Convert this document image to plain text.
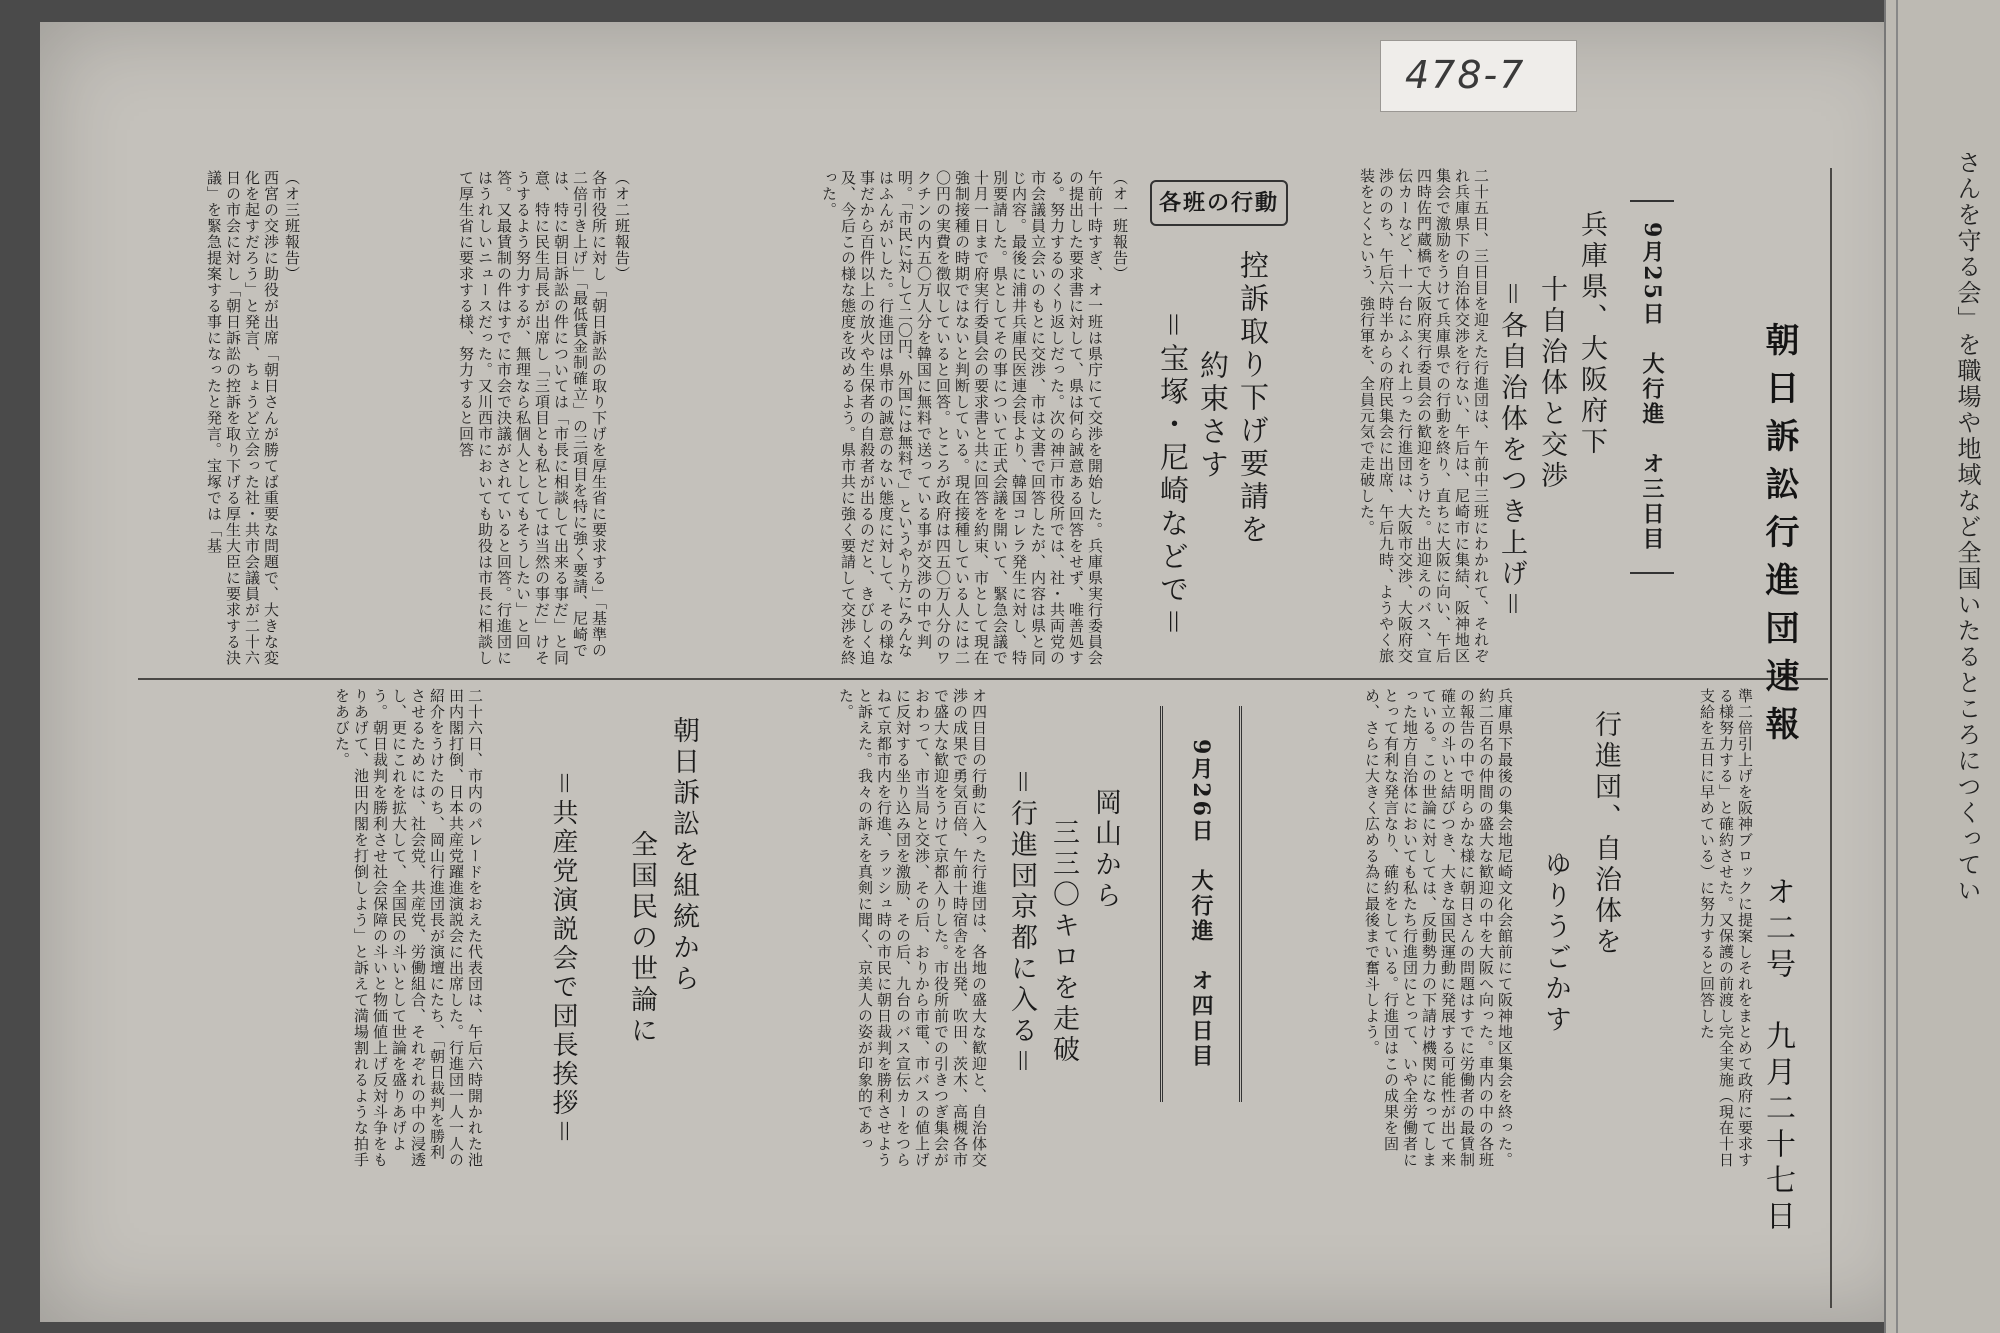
さんを守る会」を職場や地域など全国いたるところにつくってい
478-7
朝日訴訟行進団速報
オ二号　九月二十七日
9月25日　大行進　オ三日目
兵庫県、大阪府下
十自治体と交渉
＝各自治体をつき上げ＝
二十五日、三日目を迎えた行進団は、午前中三班にわかれて、それぞれ兵庫県下の自治体交渉を行ない、午后は、尼崎市に集結、阪神地区集会で激励をうけて兵庫県での行動を終り、直ちに大阪に向い、午后四時佐門蔵橋で大阪府実行委員会の歓迎をうけた。出迎えのバス、宣伝カーなど、十一台にふくれ上った行進団は、大阪市交渉、大阪府交渉ののち、午后六時半からの府民集会に出席、午后九時、ようやく旅装をとくという、強行軍を、全員元気で走破した。
各班の行動
控訴取り下げ要請を
約束さす
＝宝塚・尼崎などで＝
（オ一班報告）
午前十時すぎ、オ一班は県庁にて交渉を開始した。兵庫県実行委員会の提出した要求書に対して、県は何ら誠意ある回答をせず、唯善処する。努力するのくり返しだった。次の神戸市役所では、社・共両党の市会議員立会いのもとに交渉、市は文書で回答したが、内容は県と同じ内容。最後に浦井兵庫民医連会長より、韓国コレラ発生に対し、特別要請した。県としてその事について正式会議を開いて、緊急会議で十月一日まで府実行委員会の要求書と共に回答を約束、市として現在強制接種の時期ではないと判断している。現在接種している人には二〇円の実費を徴収していると回答。ところが政府は四五〇万人分のワクチンの内五〇万人分を韓国に無料で送っている事が交渉の中で判明。「市民に対して二〇円、外国には無料で」というやり方にみんなはふんがいした。行進団は県市の誠意のない態度に対して、その様な事だから百件以上の放火や生保者の自殺者が出るのだと、きびしく追及、今后この様な態度を改めるよう。県市共に強く要請して交渉を終った。
（オ二班報告）
各市役所に対し「朝日訴訟の取り下げを厚生省に要求する」「基準の二倍引き上げ」「最低賃金制確立」の三項目を特に強く要請、尼崎では、特に朝日訴訟の件については「市長に相談して出来る事だ」と同意、特に民生局長が出席し「三項目とも私としては当然の事だ」けそうするよう努力するが、無理なら私個人としてもそうしたい」と回答。又最賃制の件はすでに市会で決議がされていると回答。行進団にはうれしいニュースだった。又川西市においても助役は市長に相談して厚生省に要求する様、努力すると回答
（オ三班報告）
西宮の交渉に助役が出席「朝日さんが勝てば重要な問題で、大きな変化を起すだろう」と発言、ちょうど立会った社・共市会議員が二十六日の市会に対し「朝日訴訟の控訴を取り下げる厚生大臣に要求する決議」を緊急提案する事になったと発言。宝塚では「基
準二倍引上げを阪神ブロックに提案しそれをまとめて政府に要求する様努力する」と確約させた。又保護の前渡し完全実施（現在十日支給を五日に早めている）に努力すると回答した
行進団、自治体を
ゆりうごかす
兵庫県下最後の集会地尼崎文化会館前にて阪神地区集会を終った。約二百名の仲間の盛大な歓迎の中を大阪へ向った。車内の中の各班の報告の中で明らかな様に朝日さんの問題はすでに労働者の最賃制確立の斗いと結びつき、大きな国民運動に発展する可能性が出て来ている。この世論に対しては、反動勢力の下請け機関になってしまった地方自治体においても私たち行進団にとって、いや全労働者にとって有利な発言なり、確約をしている。行進団はこの成果を固め、さらに大きく広める為に最後まで奮斗しよう。
9月26日　大行進　オ四日目
岡山から
三三〇キロを走破
＝行進団京都に入る＝
オ四日目の行動に入った行進団は、各地の盛大な歓迎と、自治体交渉の成果で勇気百倍、午前十時宿舎を出発、吹田、茨木、高槻各市で盛大な歓迎をうけて京都入りした。市役所前での引きつぎ集会がおわって、市当局と交渉、その后、おりから市電、市バスの値上げに反対する坐り込み団を激励、その后、九台のバス宣伝カーをつらねて京都市内を行進、ラッシュ時の市民に朝日裁判を勝利させようと訴えた。我々の訴えを真剣に聞く、京美人の姿が印象的であった。
朝日訴訟を組統から
全国民の世論に
＝共産党演説会で団長挨拶＝
二十六日、市内のパレードをおえた代表団は、午后六時開かれた池田内閣打倒、日本共産党躍進演説会に出席した。行進団一人一人の紹介をうけたのち、岡山行進団長が演壇にたち、「朝日裁判を勝利させるためには、社会党、共産党、労働組合、それぞれの中の浸透し、更にこれを拡大して、全国民の斗いとして世論を盛りあげよう。朝日裁判を勝利させ社会保障の斗いと物価値上げ反対斗争をもりあげて、池田内閣を打倒しよう」と訴えて満場割れるような拍手をあびた。
